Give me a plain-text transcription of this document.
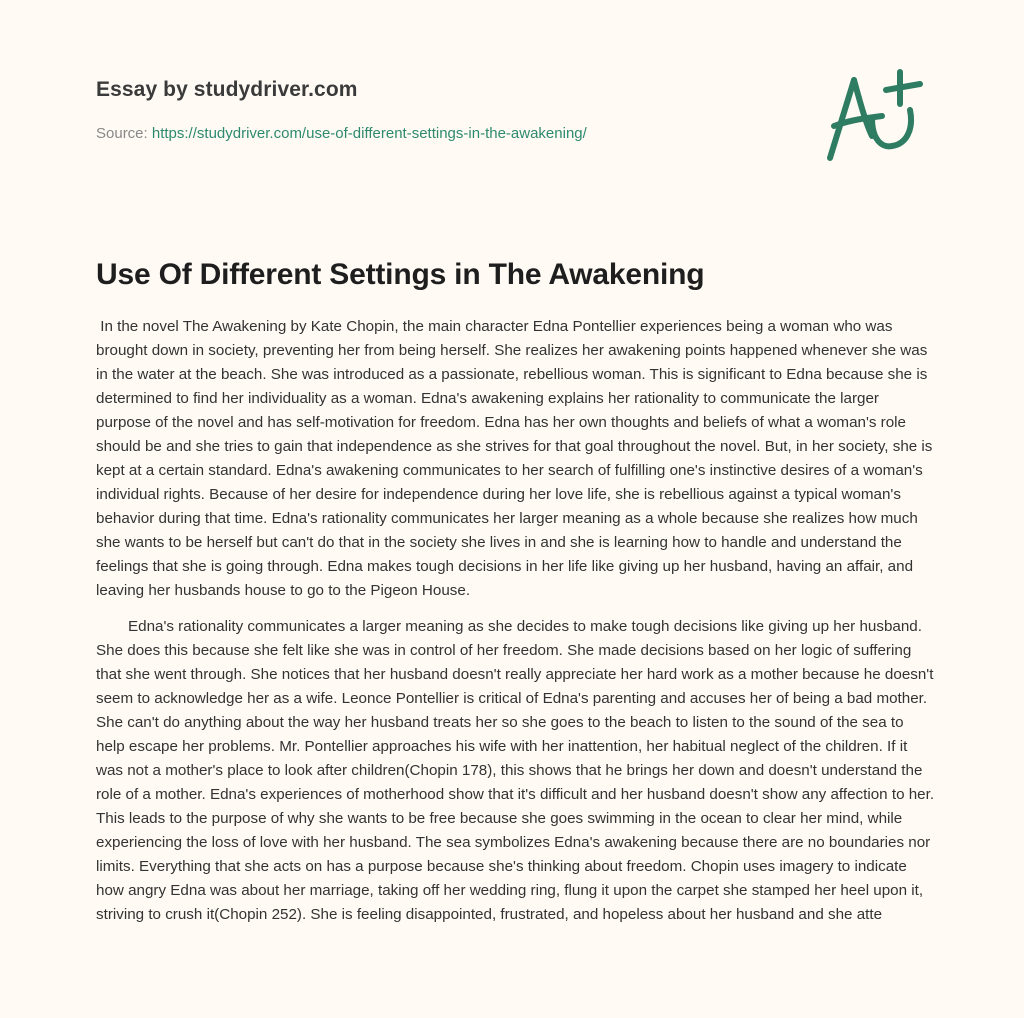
Essay by studydriver.com
Source: https://studydriver.com/use-of-different-settings-in-the-awakening/
Use Of Different Settings in The Awakening

In the novel The Awakening by Kate Chopin, the main character Edna Pontellier experiences being a woman who was brought down in society, preventing her from being herself. She realizes her awakening points happened whenever she was in the water at the beach. She was introduced as a passionate, rebellious woman. This is significant to Edna because she is determined to find her individuality as a woman. Edna's awakening explains her rationality to communicate the larger purpose of the novel and has self-motivation for freedom. Edna has her own thoughts and beliefs of what a woman's role should be and she tries to gain that independence as she strives for that goal throughout the novel. But, in her society, she is kept at a certain standard. Edna's awakening communicates to her search of fulfilling one's instinctive desires of a woman's individual rights. Because of her desire for independence during her love life, she is rebellious against a typical woman's behavior during that time. Edna's rationality communicates her larger meaning as a whole because she realizes how much she wants to be herself but can't do that in the society she lives in and she is learning how to handle and understand the feelings that she is going through. Edna makes tough decisions in her life like giving up her husband, having an affair, and leaving her husbands house to go to the Pigeon House.

Edna's rationality communicates a larger meaning as she decides to make tough decisions like giving up her husband. She does this because she felt like she was in control of her freedom. She made decisions based on her logic of suffering that she went through. She notices that her husband doesn't really appreciate her hard work as a mother because he doesn't seem to acknowledge her as a wife. Leonce Pontellier is critical of Edna's parenting and accuses her of being a bad mother. She can't do anything about the way her husband treats her so she goes to the beach to listen to the sound of the sea to help escape her problems. Mr. Pontellier approaches his wife with her inattention, her habitual neglect of the children. If it was not a mother's place to look after children(Chopin 178), this shows that he brings her down and doesn't understand the role of a mother. Edna's experiences of motherhood show that it's difficult and her husband doesn't show any affection to her. This leads to the purpose of why she wants to be free because she goes swimming in the ocean to clear her mind, while experiencing the loss of love with her husband. The sea symbolizes Edna's awakening because there are no boundaries nor limits. Everything that she acts on has a purpose because she's thinking about freedom. Chopin uses imagery to indicate how angry Edna was about her marriage, taking off her wedding ring, flung it upon the carpet she stamped her heel upon it, striving to crush it(Chopin 252). She is feeling disappointed, frustrated, and hopeless about her husband and she atte
